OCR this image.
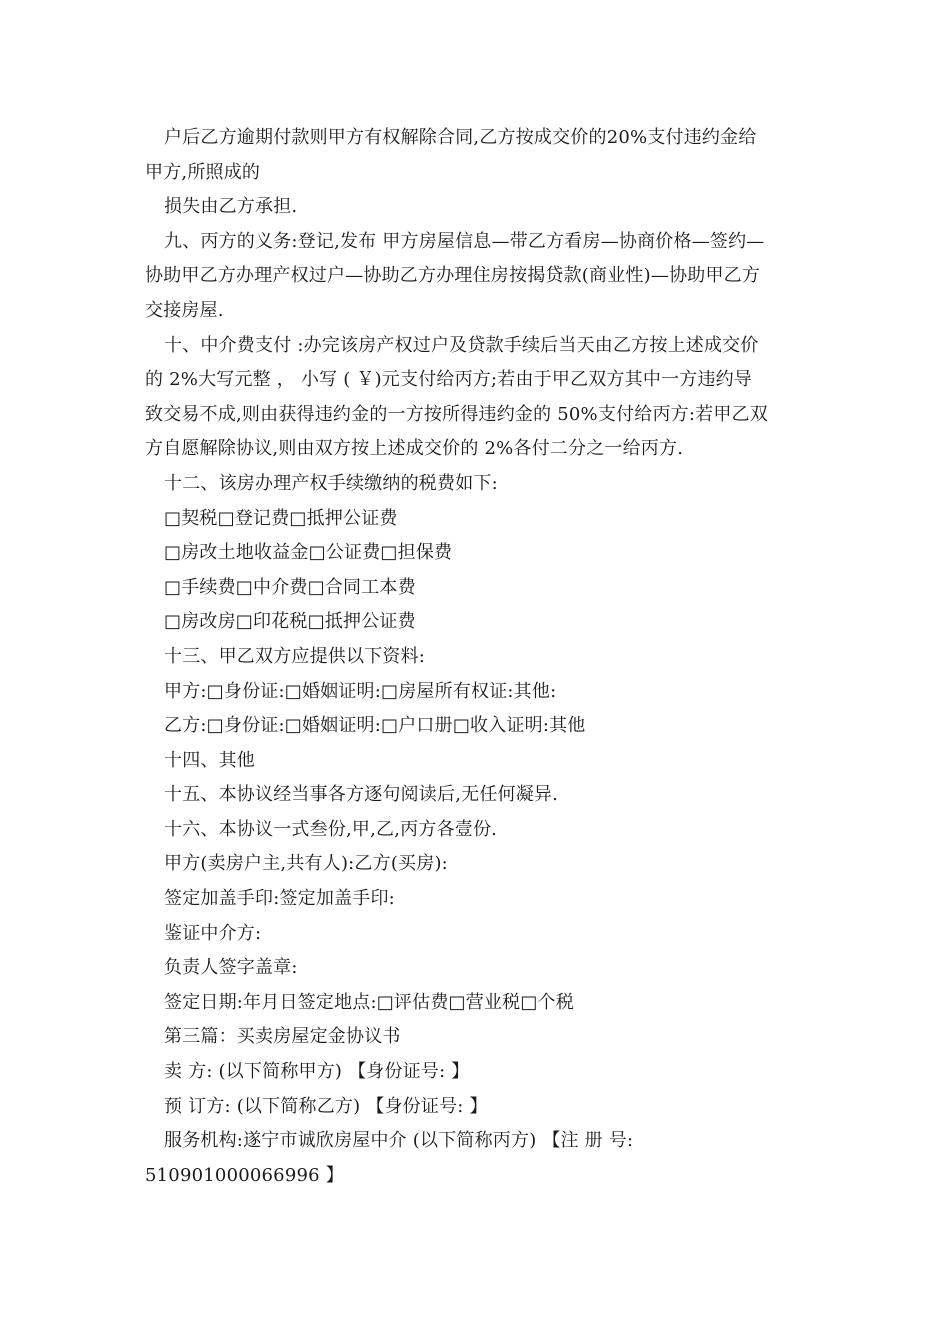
户后乙方逾期付款则甲方有权解除合同,乙方按成交价的20%支付违约金给
甲方,所照成的
损失由乙方承担.
九、丙方的义务:登记,发布 甲方房屋信息—带乙方看房—协商价格—签约—
协助甲乙方办理产权过户—协助乙方办理住房按揭贷款(商业性)—协助甲乙方
交接房屋.
十、中介费支付 :办完该房产权过户及贷款手续后当天由乙方按上述成交价
的 2%大写元整 ， 小写 ( ￥)元支付给丙方;若由于甲乙双方其中一方违约导
致交易不成,则由获得违约金的一方按所得违约金的 50%支付给丙方:若甲乙双
方自愿解除协议,则由双方按上述成交价的 2%各付二分之一给丙方.
十二、该房办理产权手续缴纳的税费如下:
□契税□登记费□抵押公证费
□房改土地收益金□公证费□担保费
□手续费□中介费□合同工本费
□房改房□印花税□抵押公证费
十三、甲乙双方应提供以下资料:
甲方:□身份证:□婚姻证明:□房屋所有权证:其他:
乙方:□身份证:□婚姻证明:□户口册□收入证明:其他
十四、其他
十五、本协议经当事各方逐句阅读后,无任何凝异.
十六、本协议一式叁份,甲,乙,丙方各壹份.
甲方(卖房户主,共有人):乙方(买房):
签定加盖手印:签定加盖手印:
鉴证中介方:
负责人签字盖章:
签定日期:年月日签定地点:□评估费□营业税□个税
第三篇：买卖房屋定金协议书
卖 方: (以下简称甲方) 【身份证号: 】
预 订方: (以下简称乙方) 【身份证号: 】
服务机构:遂宁市诚欣房屋中介 (以下简称丙方) 【注 册 号:
510901000066996 】
